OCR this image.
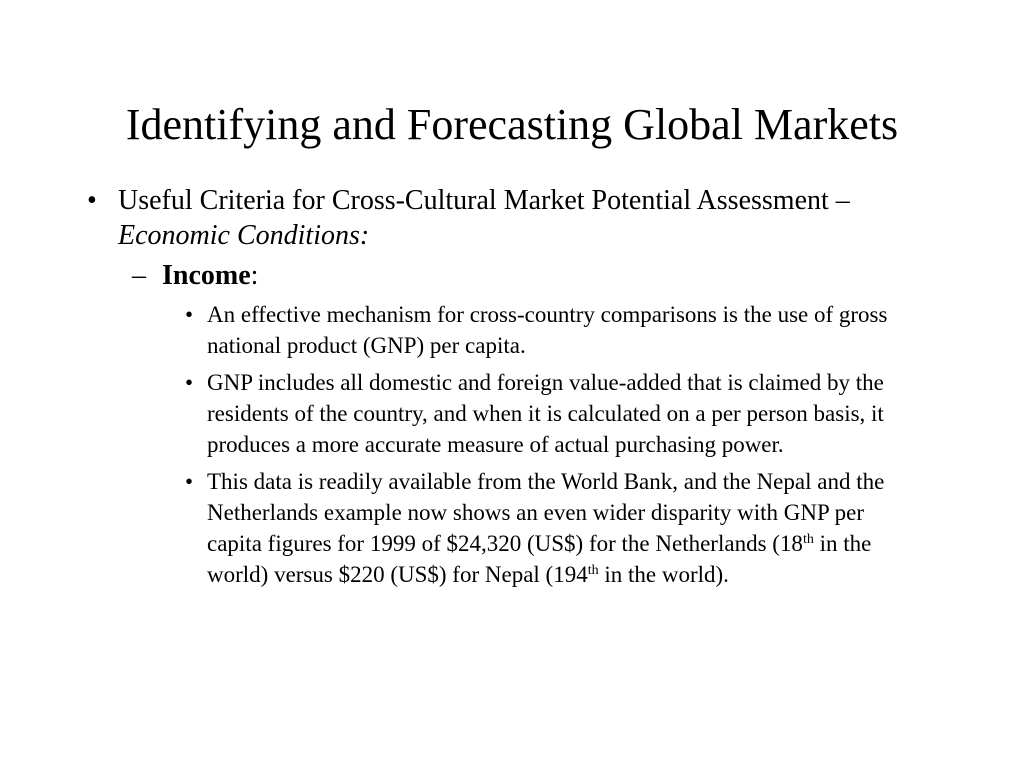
Identifying and Forecasting Global Markets
• Useful Criteria for Cross-Cultural Market Potential Assessment – Economic Conditions:
– Income:
• An effective mechanism for cross-country comparisons is the use of gross national product (GNP) per capita.
• GNP includes all domestic and foreign value-added that is claimed by the residents of the country, and when it is calculated on a per person basis, it produces a more accurate measure of actual purchasing power.
• This data is readily available from the World Bank, and the Nepal and the Netherlands example now shows an even wider disparity with GNP per capita figures for 1999 of $24,320 (US$) for the Netherlands (18th in the world) versus $220 (US$) for Nepal (194th in the world).
